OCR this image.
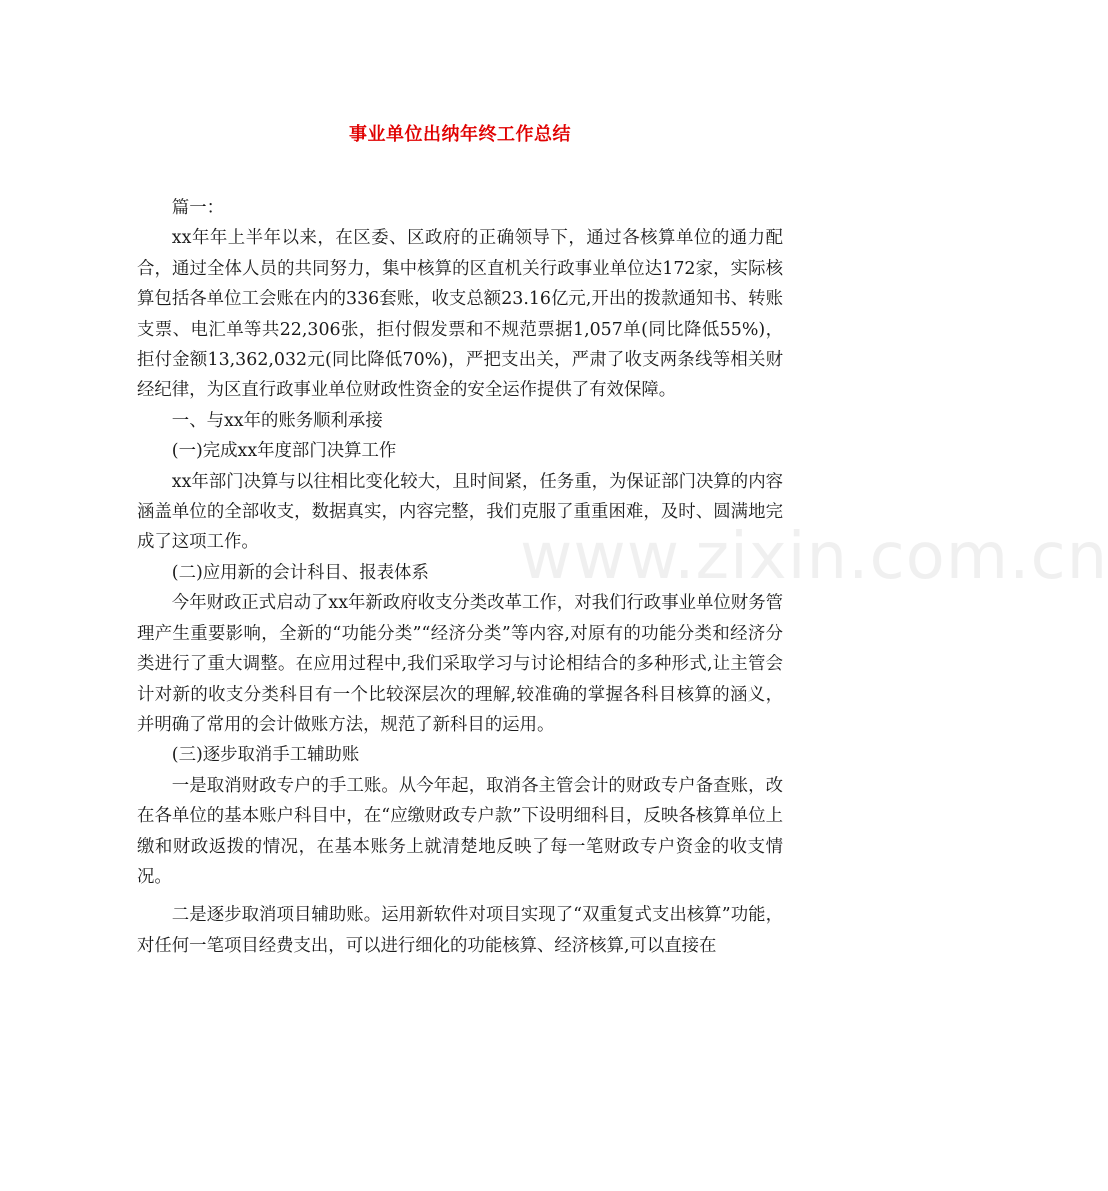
事业单位出纳年终工作总结
www.zixin.com.cn

篇一：

xx年年上半年以来，在区委、区政府的正确领导下，通过各核算单位的通力配合，通过全体人员的共同努力，集中核算的区直机关行政事业单位达172家，实际核算包括各单位工会账在内的336套账，收支总额23.16亿元,开出的拨款通知书、转账支票、电汇单等共22,306张，拒付假发票和不规范票据1,057单(同比降低55%)，拒付金额13,362,032元(同比降低70%)，严把支出关，严肃了收支两条线等相关财经纪律，为区直行政事业单位财政性资金的安全运作提供了有效保障。

一、与xx年的账务顺利承接

(一)完成xx年度部门决算工作

xx年部门决算与以往相比变化较大，且时间紧，任务重，为保证部门决算的内容涵盖单位的全部收支，数据真实，内容完整，我们克服了重重困难，及时、圆满地完成了这项工作。

(二)应用新的会计科目、报表体系

今年财政正式启动了xx年新政府收支分类改革工作，对我们行政事业单位财务管理产生重要影响，全新的“功能分类”“经济分类”等内容,对原有的功能分类和经济分类进行了重大调整。在应用过程中,我们采取学习与讨论相结合的多种形式,让主管会计对新的收支分类科目有一个比较深层次的理解,较准确的掌握各科目核算的涵义，并明确了常用的会计做账方法，规范了新科目的运用。

(三)逐步取消手工辅助账

一是取消财政专户的手工账。从今年起，取消各主管会计的财政专户备查账，改在各单位的基本账户科目中，在“应缴财政专户款”下设明细科目，反映各核算单位上缴和财政返拨的情况，在基本账务上就清楚地反映了每一笔财政专户资金的收支情况。

二是逐步取消项目辅助账。运用新软件对项目实现了“双重复式支出核算”功能，对任何一笔项目经费支出，可以进行细化的功能核算、经济核算,可以直接在
